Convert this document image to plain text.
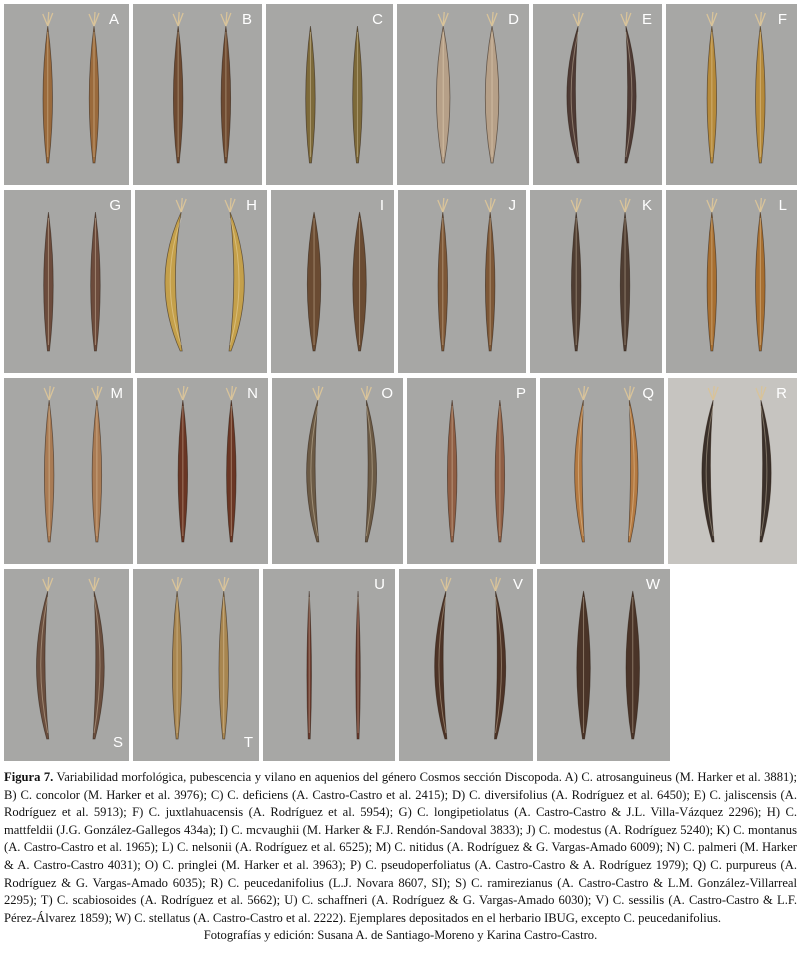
A	B	C	D	E	F
G	H	I	J	K	L
M	N	O	P	Q	R
S	T
U	V	W
Figura 7. Variabilidad morfológica, pubescencia y vilano en aquenios del género Cosmos sección Discopoda. A) C. atrosanguineus (M. Harker et al. 3881); B) C. concolor (M. Harker et al. 3976); C) C. deficiens (A. Castro-Castro et al. 2415); D) C. diversifolius (A. Rodríguez et al. 6450); E) C. jaliscensis (A. Rodríguez et al. 5913); F) C. juxtlahuacensis (A. Rodríguez et al. 5954); G) C. longipetiolatus (A. Castro-Castro & J.L. Villa-Vázquez 2296); H) C. mattfeldii (J.G. González-Gallegos 434a); I) C. mcvaughii (M. Harker & F.J. Rendón-Sandoval 3833); J) C. modestus (A. Rodríguez 5240); K) C. montanus (A. Castro-Castro et al. 1965); L) C. nelsonii (A. Rodríguez et al. 6525); M) C. nitidus (A. Rodríguez & G. Vargas-Amado 6009); N) C. palmeri (M. Harker & A. Castro-Castro 4031); O) C. pringlei (M. Harker et al. 3963); P) C. pseudoperfoliatus (A. Castro-Castro & A. Rodríguez 1979); Q) C. purpureus (A. Rodríguez & G. Vargas-Amado 6035); R) C. peucedanifolius (L.J. Novara 8607, SI); S) C. ramirezianus (A. Castro-Castro & L.M. González-Villarreal 2295); T) C. scabiosoides (A. Rodríguez et al. 5662); U) C. schaffneri (A. Rodríguez & G. Vargas-Amado 6030); V) C. sessilis (A. Castro-Castro & L.F. Pérez-Álvarez 1859); W) C. stellatus (A. Castro-Castro et al. 2222). Ejemplares depositados en el herbario IBUG, excepto C. peucedanifolius.
Fotografías y edición: Susana A. de Santiago-Moreno y Karina Castro-Castro.
